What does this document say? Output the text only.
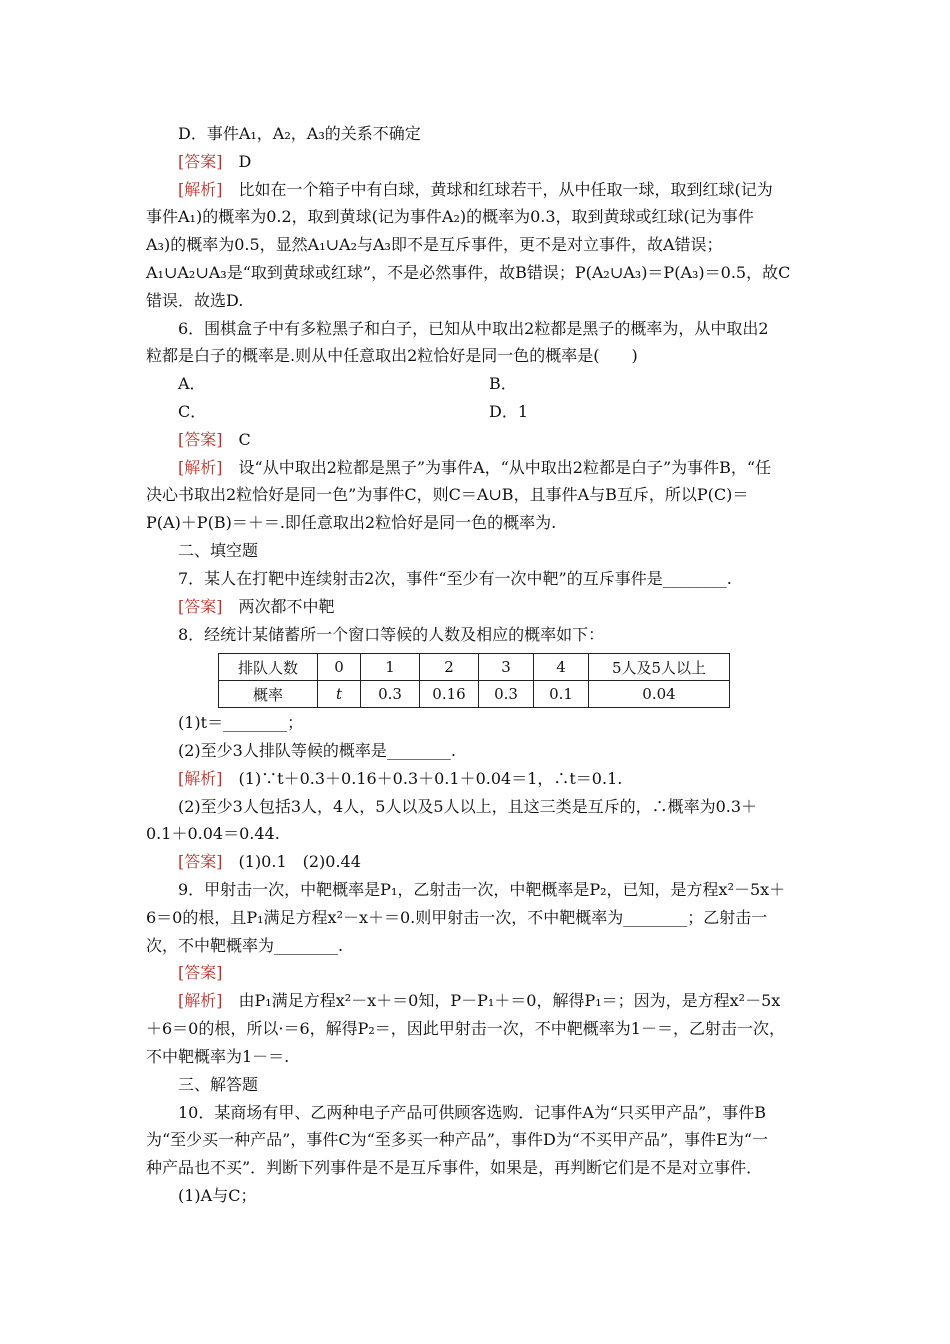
D．事件A₁，A₂，A₃的关系不确定
[答案]　 D
[解析]　 比如在一个箱子中有白球，黄球和红球若干，从中任取一球，取到红球(记为
事件A₁)的概率为0.2，取到黄球(记为事件A₂)的概率为0.3，取到黄球或红球(记为事件
A₃)的概率为0.5，显然A₁∪A₂与A₃即不是互斥事件，更不是对立事件，故A错误；
A₁∪A₂∪A₃是“取到黄球或红球”，不是必然事件，故B错误；P(A₂∪A₃)＝P(A₃)＝0.5，故C
错误．故选D.
6．围棋盒子中有多粒黑子和白子，已知从中取出2粒都是黑子的概率为，从中取出2
粒都是白子的概率是.则从中任意取出2粒恰好是同一色的概率是(　　)
A．	B．
C．	D．1
[答案]　 C
[解析]　 设“从中取出2粒都是黑子”为事件A，“从中取出2粒都是白子”为事件B，“任
决心书取出2粒恰好是同一色”为事件C，则C＝A∪B，且事件A与B互斥，所以P(C)＝
P(A)＋P(B)＝＋＝.即任意取出2粒恰好是同一色的概率为.
二、填空题
7．某人在打靶中连续射击2次，事件“至少有一次中靶”的互斥事件是________.
[答案]　 两次都不中靶
8．经统计某储蓄所一个窗口等候的人数及相应的概率如下：
排队人数	0	1	2	3	4	5人及5人以上
概率	t	0.3	0.16	0.3	0.1	0.04
(1)t＝________；
(2)至少3人排队等候的概率是________.
[解析]　 (1)∵t＋0.3＋0.16＋0.3＋0.1＋0.04＝1，∴t＝0.1.
(2)至少3人包括3人，4人，5人以及5人以上，且这三类是互斥的，∴概率为0.3＋
0.1＋0.04＝0.44.
[答案]　 (1)0.1　(2)0.44
9．甲射击一次，中靶概率是P₁，乙射击一次，中靶概率是P₂，已知，是方程x²－5x＋
6＝0的根，且P₁满足方程x²－x＋＝0.则甲射击一次，不中靶概率为________；乙射击一
次，不中靶概率为________.
[答案]
[解析]　 由P₁满足方程x²－x＋＝0知，P－P₁＋＝0，解得P₁＝；因为，是方程x²－5x
＋6＝0的根，所以·＝6，解得P₂＝，因此甲射击一次，不中靶概率为1－＝，乙射击一次，
不中靶概率为1－＝.
三、解答题
10．某商场有甲、乙两种电子产品可供顾客选购．记事件A为“只买甲产品”，事件B
为“至少买一种产品”，事件C为“至多买一种产品”，事件D为“不买甲产品”，事件E为“一
种产品也不买”．判断下列事件是不是互斥事件，如果是，再判断它们是不是对立事件．
(1)A与C；
